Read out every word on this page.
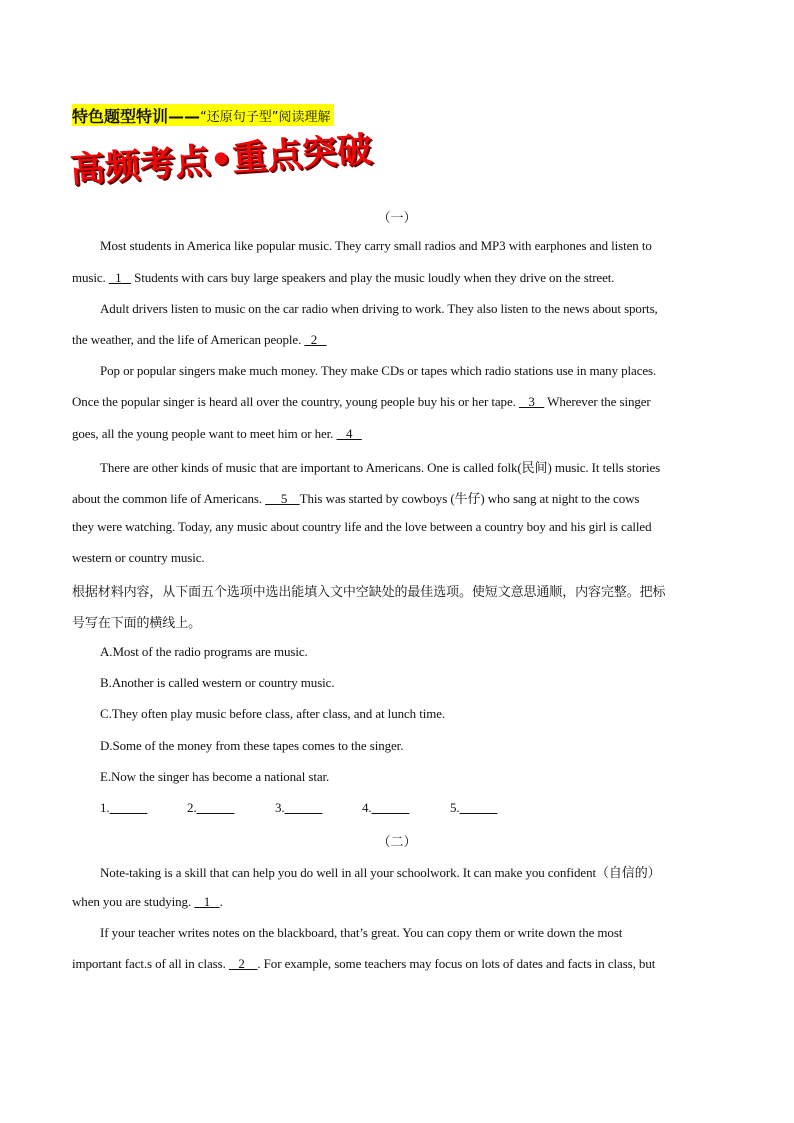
特色题型特训—— “还原句子型” 阅读理解
高频考点•重点突破
（一）
Most students in America like popular music. They carry small radios and MP3 with earphones and listen to
music.   1    Students with cars buy large speakers and play the music loudly when they drive on the street.
Adult drivers listen to music on the car radio when driving to work. They also listen to the news about sports,
the weather, and the life of American people.   2
Pop or popular singers make much money. They make CDs or tapes which radio stations use in many places.
Once the popular singer is heard all over the country, young people buy his or her tape.    3    Wherever the singer
goes, all the young people want to meet him or her.    4
There are other kinds of music that are important to Americans. One is called folk(民间) music. It tells stories
about the common life of Americans.      5    This was started by cowboys (牛仔) who sang at night to the cows
they were watching. Today, any music about country life and the love between a country boy and his girl is called
western or country music.
根据材料内容，从下面五个选项中选出能填入文中空缺处的最佳选项。使短文意思通顺，内容完整。把标
号写在下面的横线上。
A.Most of the radio programs are music.
B.Another is called western or country music.
C.They often play music before class, after class, and at lunch time.
D.Some of the money from these tapes comes to the singer.
E.Now the singer has become a national star.
1.	2.	3.	4.	5.
（二）
Note-taking is a skill that can help you do well in all your schoolwork. It can make you confident（自信的）
when you are studying.    1   .
If your teacher writes notes on the blackboard, that’s great. You can copy them or write down the most
important fact.s of all in class.    2    . For example, some teachers may focus on lots of dates and facts in class, but
